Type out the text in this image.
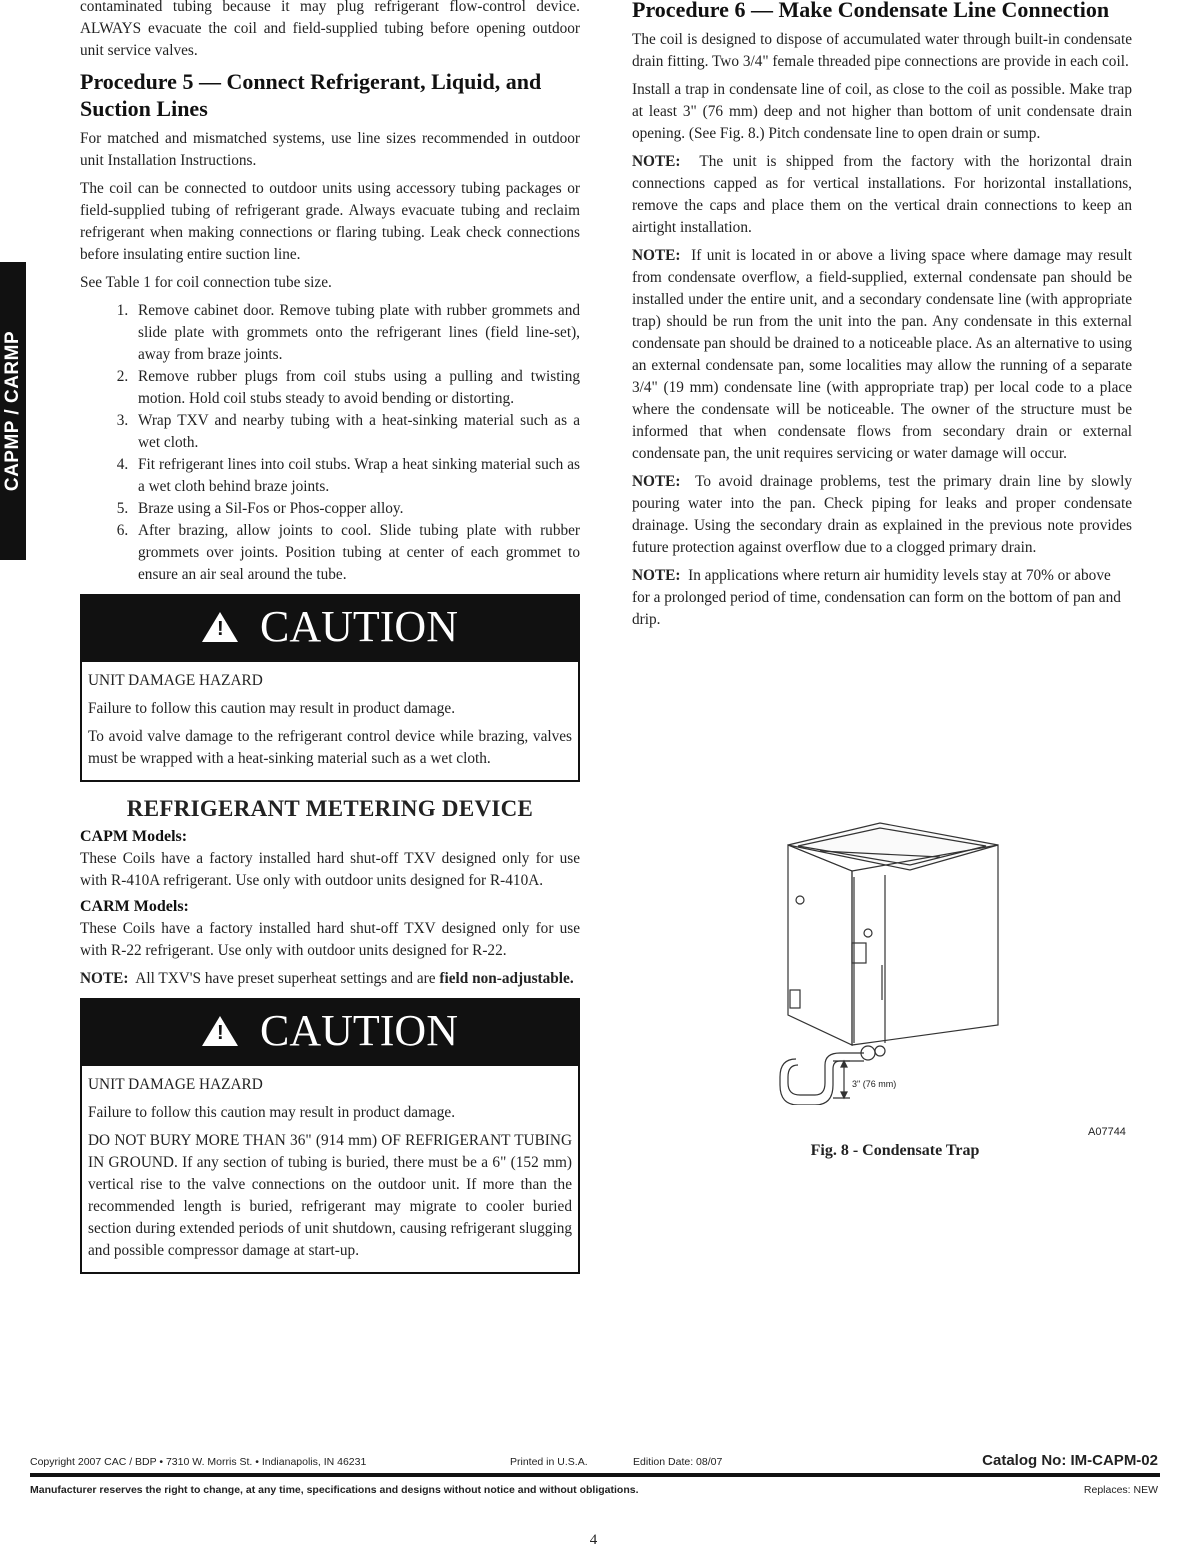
CAPMP / CARMP

contaminated tubing because it may plug refrigerant flow-control device. ALWAYS evacuate the coil and field-supplied tubing before opening outdoor unit service valves.

Procedure 5 — Connect Refrigerant, Liquid, and Suction Lines

For matched and mismatched systems, use line sizes recommended in outdoor unit Installation Instructions.

The coil can be connected to outdoor units using accessory tubing packages or field-supplied tubing of refrigerant grade. Always evacuate tubing and reclaim refrigerant when making connections or flaring tubing. Leak check connections before insulating entire suction line.

See Table 1 for coil connection tube size.

1. Remove cabinet door. Remove tubing plate with rubber grommets and slide plate with grommets onto the refrigerant lines (field line-set), away from braze joints.
2. Remove rubber plugs from coil stubs using a pulling and twisting motion. Hold coil stubs steady to avoid bending or distorting.
3. Wrap TXV and nearby tubing with a heat-sinking material such as a wet cloth.
4. Fit refrigerant lines into coil stubs. Wrap a heat sinking material such as a wet cloth behind braze joints.
5. Braze using a Sil-Fos or Phos-copper alloy.
6. After brazing, allow joints to cool. Slide tubing plate with rubber grommets over joints. Position tubing at center of each grommet to ensure an air seal around the tube.
! CAUTION

UNIT DAMAGE HAZARD

Failure to follow this caution may result in product damage.

To avoid valve damage to the refrigerant control device while brazing, valves must be wrapped with a heat-sinking material such as a wet cloth.

REFRIGERANT METERING DEVICE
CAPM Models:

These Coils have a factory installed hard shut-off TXV designed only for use with R-410A refrigerant. Use only with outdoor units designed for R-410A.

CARM Models:

These Coils have a factory installed hard shut-off TXV designed only for use with R-22 refrigerant. Use only with outdoor units designed for R-22.

NOTE: All TXV'S have preset superheat settings and are field non-adjustable.

! CAUTION

UNIT DAMAGE HAZARD

Failure to follow this caution may result in product damage.

DO NOT BURY MORE THAN 36" (914 mm) OF REFRIGERANT TUBING IN GROUND. If any section of tubing is buried, there must be a 6" (152 mm) vertical rise to the valve connections on the outdoor unit. If more than the recommended length is buried, refrigerant may migrate to cooler buried section during extended periods of unit shutdown, causing refrigerant slugging and possible compressor damage at start-up.

Procedure 6 — Make Condensate Line Connection

The coil is designed to dispose of accumulated water through built-in condensate drain fitting. Two 3/4" female threaded pipe connections are provide in each coil.

Install a trap in condensate line of coil, as close to the coil as possible. Make trap at least 3" (76 mm) deep and not higher than bottom of unit condensate drain opening. (See Fig. 8.) Pitch condensate line to open drain or sump.

NOTE: The unit is shipped from the factory with the horizontal drain connections capped as for vertical installations. For horizontal installations, remove the caps and place them on the vertical drain connections to keep an airtight installation.

NOTE: If unit is located in or above a living space where damage may result from condensate overflow, a field-supplied, external condensate pan should be installed under the entire unit, and a secondary condensate line (with appropriate trap) should be run from the unit into the pan. Any condensate in this external condensate pan should be drained to a noticeable place. As an alternative to using an external condensate pan, some localities may allow the running of a separate 3/4" (19 mm) condensate line (with appropriate trap) per local code to a place where the condensate will be noticeable. The owner of the structure must be informed that when condensate flows from secondary drain or external condensate pan, the unit requires servicing or water damage will occur.

NOTE: To avoid drainage problems, test the primary drain line by slowly pouring water into the pan. Check piping for leaks and proper condensate drainage. Using the secondary drain as explained in the previous note provides future protection against overflow due to a clogged primary drain.

NOTE: In applications where return air humidity levels stay at 70% or above for a prolonged period of time, condensation can form on the bottom of pan and drip.

3" (76 mm)
A07744
Fig. 8 - Condensate Trap
Copyright 2007 CAC / BDP • 7310 W. Morris St. • Indianapolis, IN 46231	Printed in U.S.A.	Edition Date: 08/07	Catalog No: IM-CAPM-02
Manufacturer reserves the right to change, at any time, specifications and designs without notice and without obligations.	Replaces: NEW
4
